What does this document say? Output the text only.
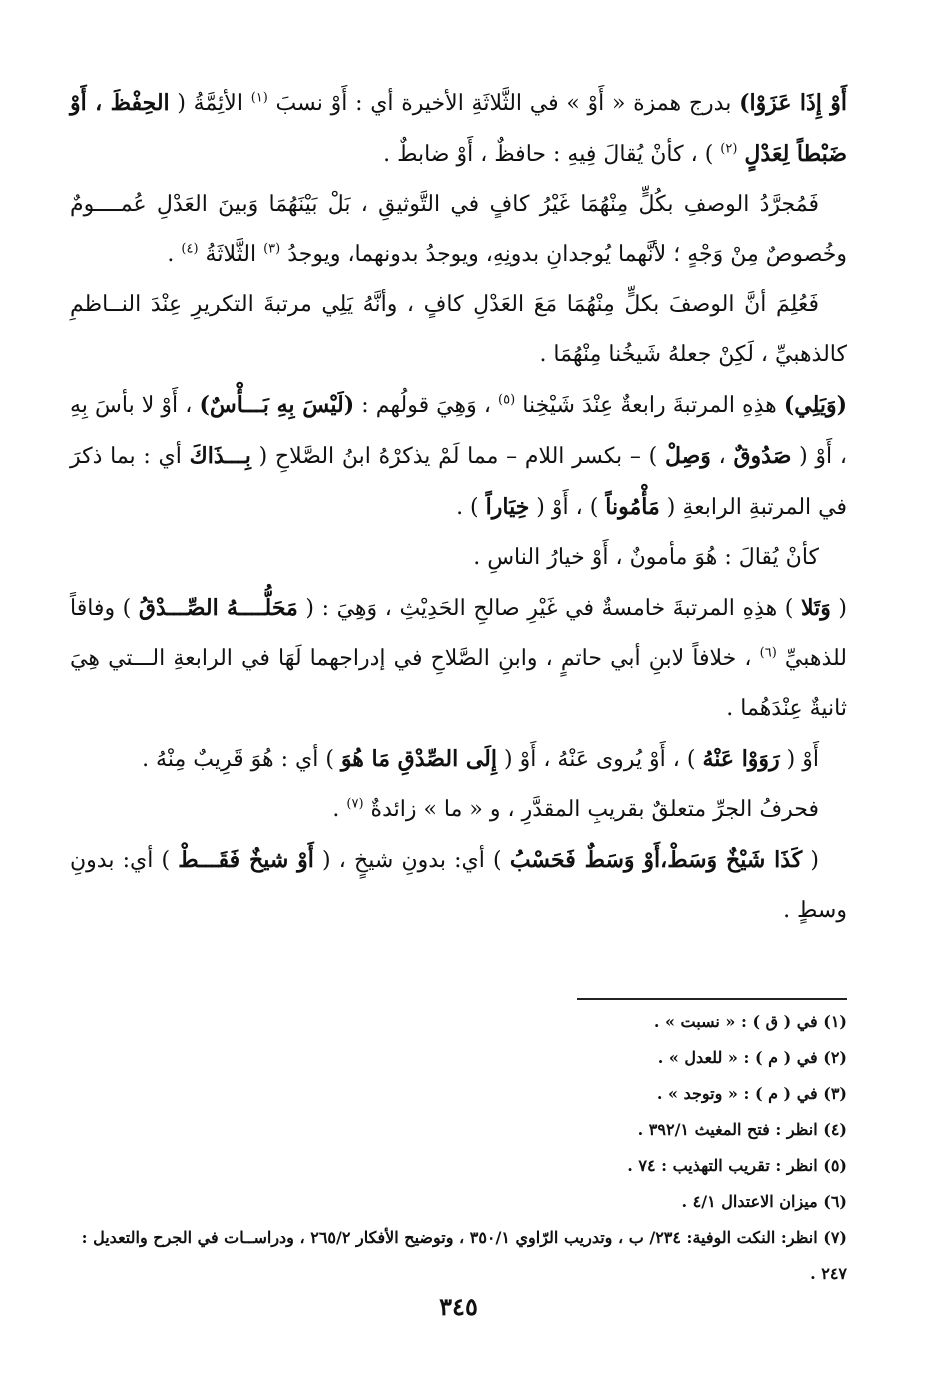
أَوْ إِذَا عَزَوْا) بدرج همزة « أَوْ » في الثَّلاثَةِ الأخيرة أي : أَوْ نسبَ $^{(١)}$ الأئِمَّةُ ( الحِفْظَ ، أَوْ ضَبْطاً لِعَدْلٍ $^{(٢)}$ ) ، كأنْ يُقالَ فِيهِ : حافظٌ ، أَوْ ضابطٌ .

فَمُجرَّدُ الوصفِ بكُلٍّ مِنْهُمَا غَيْرُ كافٍ في التَّوثيقِ ، بَلْ بَيْنَهُمَا وَبينَ العَدْلِ عُمــــومٌ وخُصوصٌ مِنْ وَجْهٍ ؛ لأنَّهما يُوجدانِ بدونِهِ، ويوجدُ بدونهما، ويوجدُ $^{(٣)}$ الثَّلاثَةُ $^{(٤)}$ .

فَعُلِمَ أنَّ الوصفَ بكلٍّ مِنْهُمَا مَعَ العَدْلِ كافٍ ، وأنَّهُ يَلِي مرتبةَ التكريرِ عِنْدَ النــاظمِ كالذهبيِّ ، لَكِنْ جعلهُ شَيخُنا مِنْهُمَا .

(وَيَلِي) هذِهِ المرتبةَ رابعةٌ عِنْدَ شَيْخِنا $^{(٥)}$ ، وَهِيَ قولُهم : (لَيْسَ بِهِ بَـــأْسٌ) ، أَوْ لا بأسَ بِهِ ، أَوْ ( صَدُوقٌ ، وَصِلْ ) – بكسر اللام – مما لَمْ يذكرْهُ ابنُ الصَّلاحِ ( بِـــذَاكَ أي : بما ذكرَ في المرتبةِ الرابعةِ ( مَأْمُوناً ) ، أَوْ ( خِيَاراً ) .

كأنْ يُقالَ : هُوَ مأمونٌ ، أَوْ خيارُ الناسِ .

( وَتَلا ) هذِهِ المرتبةَ خامسةٌ في غَيْرِ صالحِ الحَدِيْثِ ، وَهِيَ : ( مَحَلُّــــهُ الصِّـــدْقُ ) وفاقاً للذهبيِّ $^{(٦)}$ ، خلافاً لابنِ أبي حاتمٍ ، وابنِ الصَّلاحِ في إدراجهما لَهَا في الرابعةِ الـــتي هِيَ ثانيةٌ عِنْدَهُما .

أَوْ ( رَوَوْا عَنْهُ ) ، أَوْ يُروى عَنْهُ ، أَوْ ( إِلَى الصِّدْقِ مَا هُوَ ) أي : هُوَ قَرِيبٌ مِنْهُ .

فحرفُ الجرِّ متعلقٌ بقريبِ المقدَّرِ ، و « ما » زائدةٌ $^{(٧)}$ .

( كَذَا شَيْخٌ وَسَطْ،أَوْ وَسَطٌ فَحَسْبُ ) أي: بدونِ شيخٍ ، ( أَوْ شيخٌ فَقَـــطْ ) أي: بدونِ وسطٍ .

(١) في ( ق ) : « نسبت » .

(٢) في ( م ) : « للعدل » .

(٣) في ( م ) : « وتوجد » .

(٤) انظر : فتح المغيث ٣٩٢/١ .

(٥) انظر : تقريب التهذيب : ٧٤ .

(٦) ميزان الاعتدال ٤/١ .

(٧) انظر: النكت الوفية: ٢٣٤/ ب ، وتدريب الرّاوي ٣٥٠/١ ، وتوضيح الأفكار ٢٦٥/٢ ، ودراســات في الجرح والتعديل : ٢٤٧ .

٣٤٥
